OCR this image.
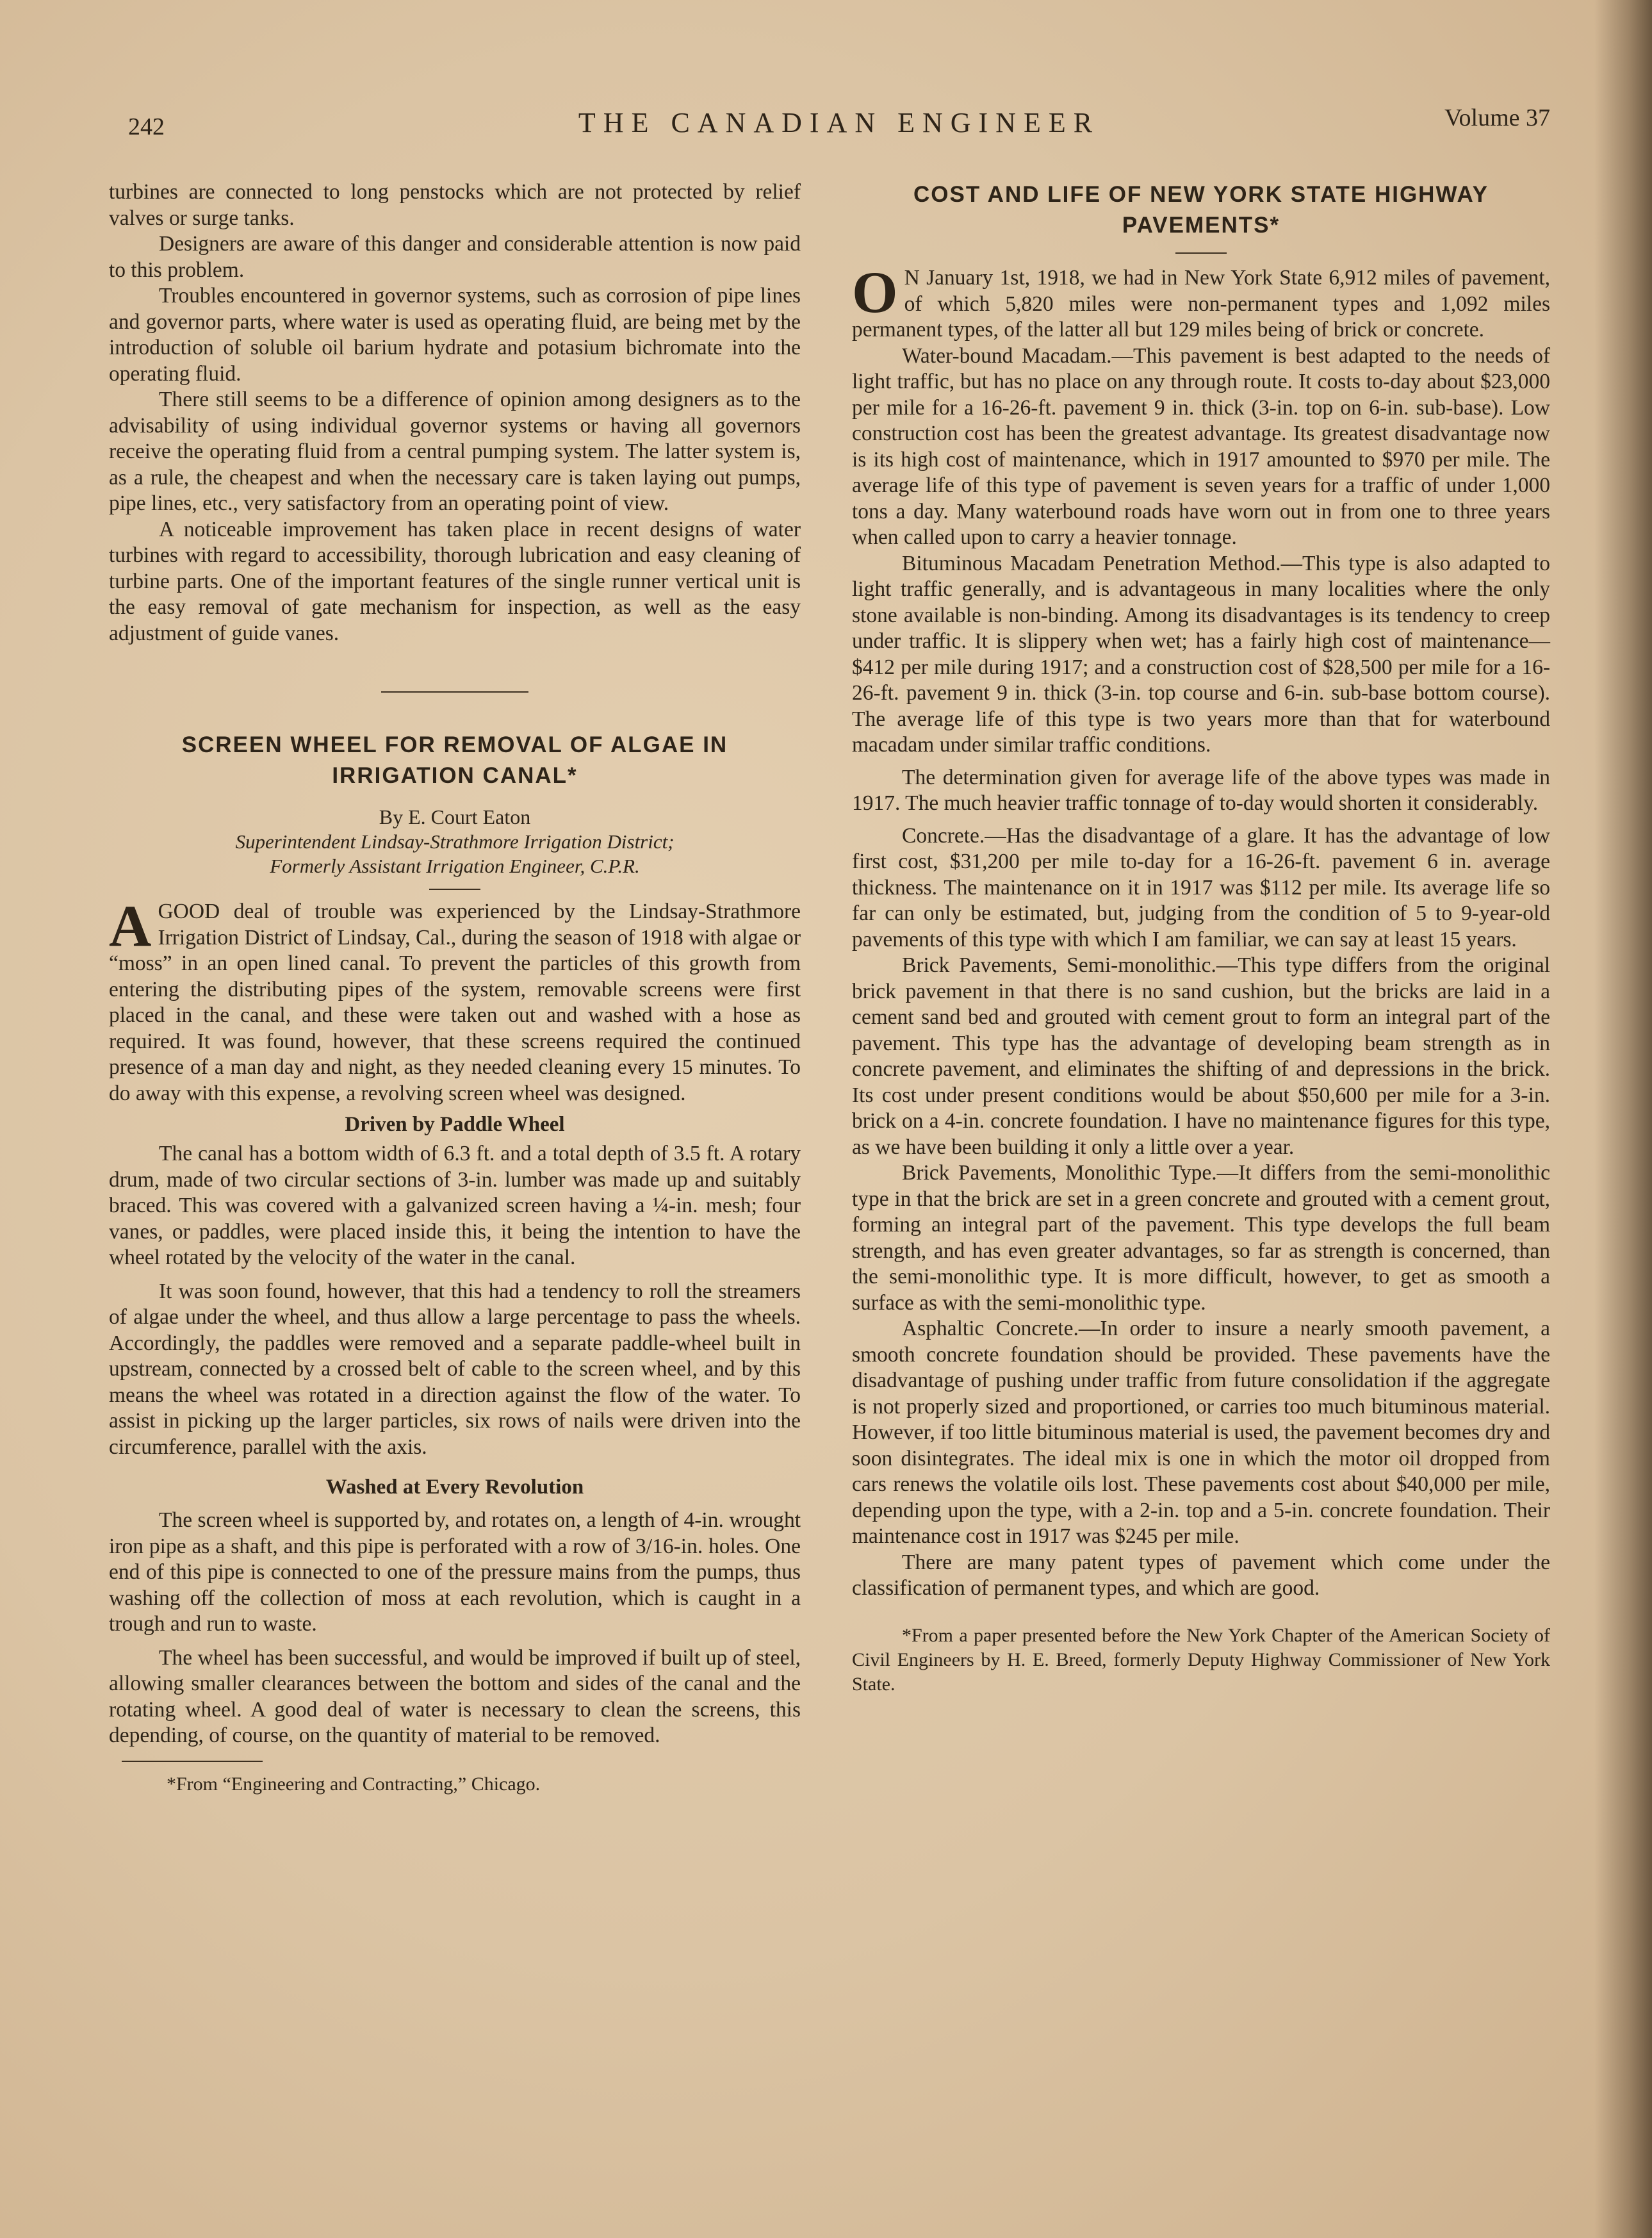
242	THE CANADIAN ENGINEER	Volume 37

turbines are connected to long penstocks which are not protected by relief valves or surge tanks.

Designers are aware of this danger and considerable attention is now paid to this problem.

Troubles encountered in governor systems, such as corrosion of pipe lines and governor parts, where water is used as operating fluid, are being met by the introduction of soluble oil barium hydrate and potasium bichromate into the operating fluid.

There still seems to be a difference of opinion among designers as to the advisability of using individual governor systems or having all governors receive the operating fluid from a central pumping system. The latter system is, as a rule, the cheapest and when the necessary care is taken laying out pumps, pipe lines, etc., very satisfactory from an operating point of view.

A noticeable improvement has taken place in recent designs of water turbines with regard to accessibility, thorough lubrication and easy cleaning of turbine parts. One of the important features of the single runner vertical unit is the easy removal of gate mechanism for inspection, as well as the easy adjustment of guide vanes.

SCREEN WHEEL FOR REMOVAL OF ALGAE IN IRRIGATION CANAL*
By E. Court Eaton
Superintendent Lindsay-Strathmore Irrigation District;
Formerly Assistant Irrigation Engineer, C.P.R.

AGOOD deal of trouble was experienced by the Lindsay-Strathmore Irrigation District of Lindsay, Cal., during the season of 1918 with algae or “moss” in an open lined canal. To prevent the particles of this growth from entering the distributing pipes of the system, removable screens were first placed in the canal, and these were taken out and washed with a hose as required. It was found, however, that these screens required the continued presence of a man day and night, as they needed cleaning every 15 minutes. To do away with this expense, a revolving screen wheel was designed.

Driven by Paddle Wheel

The canal has a bottom width of 6.3 ft. and a total depth of 3.5 ft. A rotary drum, made of two circular sections of 3-in. lumber was made up and suitably braced. This was covered with a galvanized screen having a ¼-in. mesh; four vanes, or paddles, were placed inside this, it being the intention to have the wheel rotated by the velocity of the water in the canal.

It was soon found, however, that this had a tendency to roll the streamers of algae under the wheel, and thus allow a large percentage to pass the wheels. Accordingly, the paddles were removed and a separate paddle-wheel built in upstream, connected by a crossed belt of cable to the screen wheel, and by this means the wheel was rotated in a direction against the flow of the water. To assist in picking up the larger particles, six rows of nails were driven into the circumference, parallel with the axis.

Washed at Every Revolution

The screen wheel is supported by, and rotates on, a length of 4-in. wrought iron pipe as a shaft, and this pipe is perforated with a row of 3/16-in. holes. One end of this pipe is connected to one of the pressure mains from the pumps, thus washing off the collection of moss at each revolution, which is caught in a trough and run to waste.

The wheel has been successful, and would be improved if built up of steel, allowing smaller clearances between the bottom and sides of the canal and the rotating wheel. A good deal of water is necessary to clean the screens, this depending, of course, on the quantity of material to be removed.

*From “Engineering and Contracting,” Chicago.

COST AND LIFE OF NEW YORK STATE HIGHWAY PAVEMENTS*

O N January 1st, 1918, we had in New York State 6,912 miles of pavement, of which 5,820 miles were non-permanent types and 1,092 miles permanent types, of the latter all but 129 miles being of brick or concrete.

Water-bound Macadam.—This pavement is best adapted to the needs of light traffic, but has no place on any through route. It costs to-day about $23,000 per mile for a 16-26-ft. pavement 9 in. thick (3-in. top on 6-in. sub-base). Low construction cost has been the greatest advantage. Its greatest disadvantage now is its high cost of maintenance, which in 1917 amounted to $970 per mile. The average life of this type of pavement is seven years for a traffic of under 1,000 tons a day. Many waterbound roads have worn out in from one to three years when called upon to carry a heavier tonnage.

Bituminous Macadam Penetration Method.—This type is also adapted to light traffic generally, and is advantageous in many localities where the only stone available is non-binding. Among its disadvantages is its tendency to creep under traffic. It is slippery when wet; has a fairly high cost of maintenance—$412 per mile during 1917; and a construction cost of $28,500 per mile for a 16-26-ft. pavement 9 in. thick (3-in. top course and 6-in. sub-base bottom course). The average life of this type is two years more than that for waterbound macadam under similar traffic conditions.

The determination given for average life of the above types was made in 1917. The much heavier traffic tonnage of to-day would shorten it considerably.

Concrete.—Has the disadvantage of a glare. It has the advantage of low first cost, $31,200 per mile to-day for a 16-26-ft. pavement 6 in. average thickness. The maintenance on it in 1917 was $112 per mile. Its average life so far can only be estimated, but, judging from the condition of 5 to 9-year-old pavements of this type with which I am familiar, we can say at least 15 years.

Brick Pavements, Semi-monolithic.—This type differs from the original brick pavement in that there is no sand cushion, but the bricks are laid in a cement sand bed and grouted with cement grout to form an integral part of the pavement. This type has the advantage of developing beam strength as in concrete pavement, and eliminates the shifting of and depressions in the brick. Its cost under present conditions would be about $50,600 per mile for a 3-in. brick on a 4-in. concrete foundation. I have no maintenance figures for this type, as we have been building it only a little over a year.

Brick Pavements, Monolithic Type.—It differs from the semi-monolithic type in that the brick are set in a green concrete and grouted with a cement grout, forming an integral part of the pavement. This type develops the full beam strength, and has even greater advantages, so far as strength is concerned, than the semi-monolithic type. It is more difficult, however, to get as smooth a surface as with the semi-monolithic type.

Asphaltic Concrete.—In order to insure a nearly smooth pavement, a smooth concrete foundation should be provided. These pavements have the disadvantage of pushing under traffic from future consolidation if the aggregate is not properly sized and proportioned, or carries too much bituminous material. However, if too little bituminous material is used, the pavement becomes dry and soon disintegrates. The ideal mix is one in which the motor oil dropped from cars renews the volatile oils lost. These pavements cost about $40,000 per mile, depending upon the type, with a 2-in. top and a 5-in. concrete foundation. Their maintenance cost in 1917 was $245 per mile.

There are many patent types of pavement which come under the classification of permanent types, and which are good.

*From a paper presented before the New York Chapter of the American Society of Civil Engineers by H. E. Breed, formerly Deputy Highway Commissioner of New York State.
